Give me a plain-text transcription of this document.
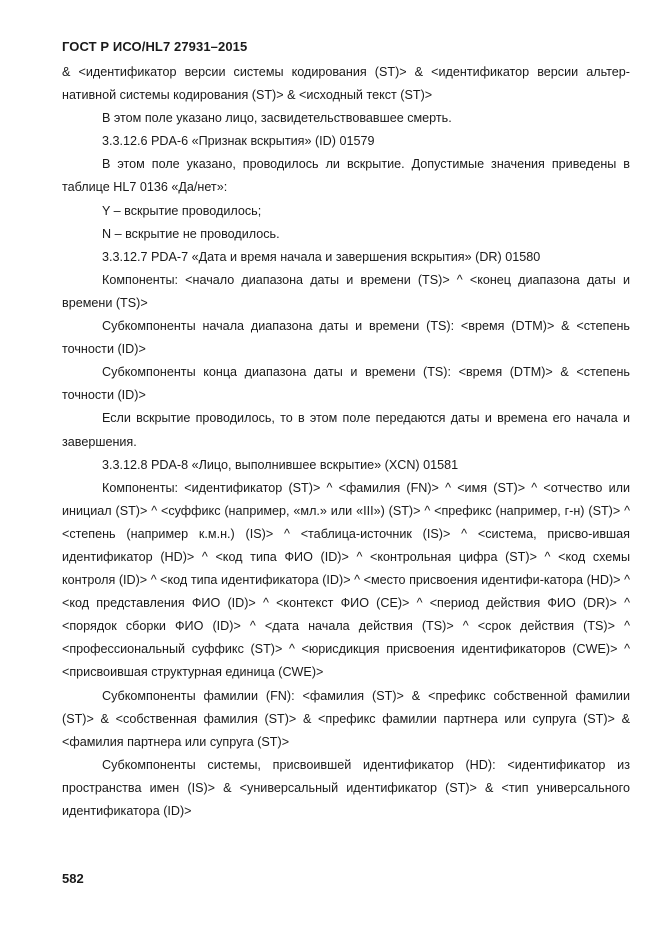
ГОСТ Р ИСО/HL7 27931–2015

& <идентификатор версии системы кодирования (ST)> & <идентификатор версии альтер-нативной системы кодирования (ST)> & <исходный текст (ST)>

В этом поле указано лицо, засвидетельствовавшее смерть.

3.3.12.6 PDA-6 «Признак вскрытия» (ID) 01579

В этом поле указано, проводилось ли вскрытие. Допустимые значения приведены в таблице HL7 0136 «Да/нет»:

Y – вскрытие проводилось;

N – вскрытие не проводилось.

3.3.12.7 PDA-7 «Дата и время начала и завершения вскрытия» (DR) 01580

Компоненты: <начало диапазона даты и времени (TS)> ^ <конец диапазона даты и времени (TS)>

Субкомпоненты начала диапазона даты и времени (TS): <время (DTM)> & <степень точности (ID)>

Субкомпоненты конца диапазона даты и времени (TS): <время (DTM)> & <степень точности (ID)>

Если вскрытие проводилось, то в этом поле передаются даты и времена его начала и завершения.

3.3.12.8 PDA-8 «Лицо, выполнившее вскрытие» (XCN) 01581

Компоненты: <идентификатор (ST)> ^ <фамилия (FN)> ^ <имя (ST)> ^ <отчество или инициал (ST)> ^ <суффикс (например, «мл.» или «III») (ST)> ^ <префикс (например, г-н) (ST)> ^ <степень (например к.м.н.) (IS)> ^ <таблица-источник (IS)> ^ <система, присво-ившая идентификатор (HD)> ^ <код типа ФИО (ID)> ^ <контрольная цифра (ST)> ^ <код схемы контроля (ID)> ^ <код типа идентификатора (ID)> ^ <место присвоения идентифи-катора (HD)> ^ <код представления ФИО (ID)> ^ <контекст ФИО (CE)> ^ <период действия ФИО (DR)> ^ <порядок сборки ФИО (ID)> ^ <дата начала действия (TS)> ^ <срок действия (TS)> ^ <профессиональный суффикс (ST)> ^ <юрисдикция присвоения идентификаторов (CWE)> ^ <присвоившая структурная единица (CWE)>

Субкомпоненты фамилии (FN): <фамилия (ST)> & <префикс собственной фамилии (ST)> & <собственная фамилия (ST)> & <префикс фамилии партнера или супруга (ST)> & <фамилия партнера или супруга (ST)>

Субкомпоненты системы, присвоившей идентификатор (HD): <идентификатор из пространства имен (IS)> & <универсальный идентификатор (ST)> & <тип универсального идентификатора (ID)>

582
